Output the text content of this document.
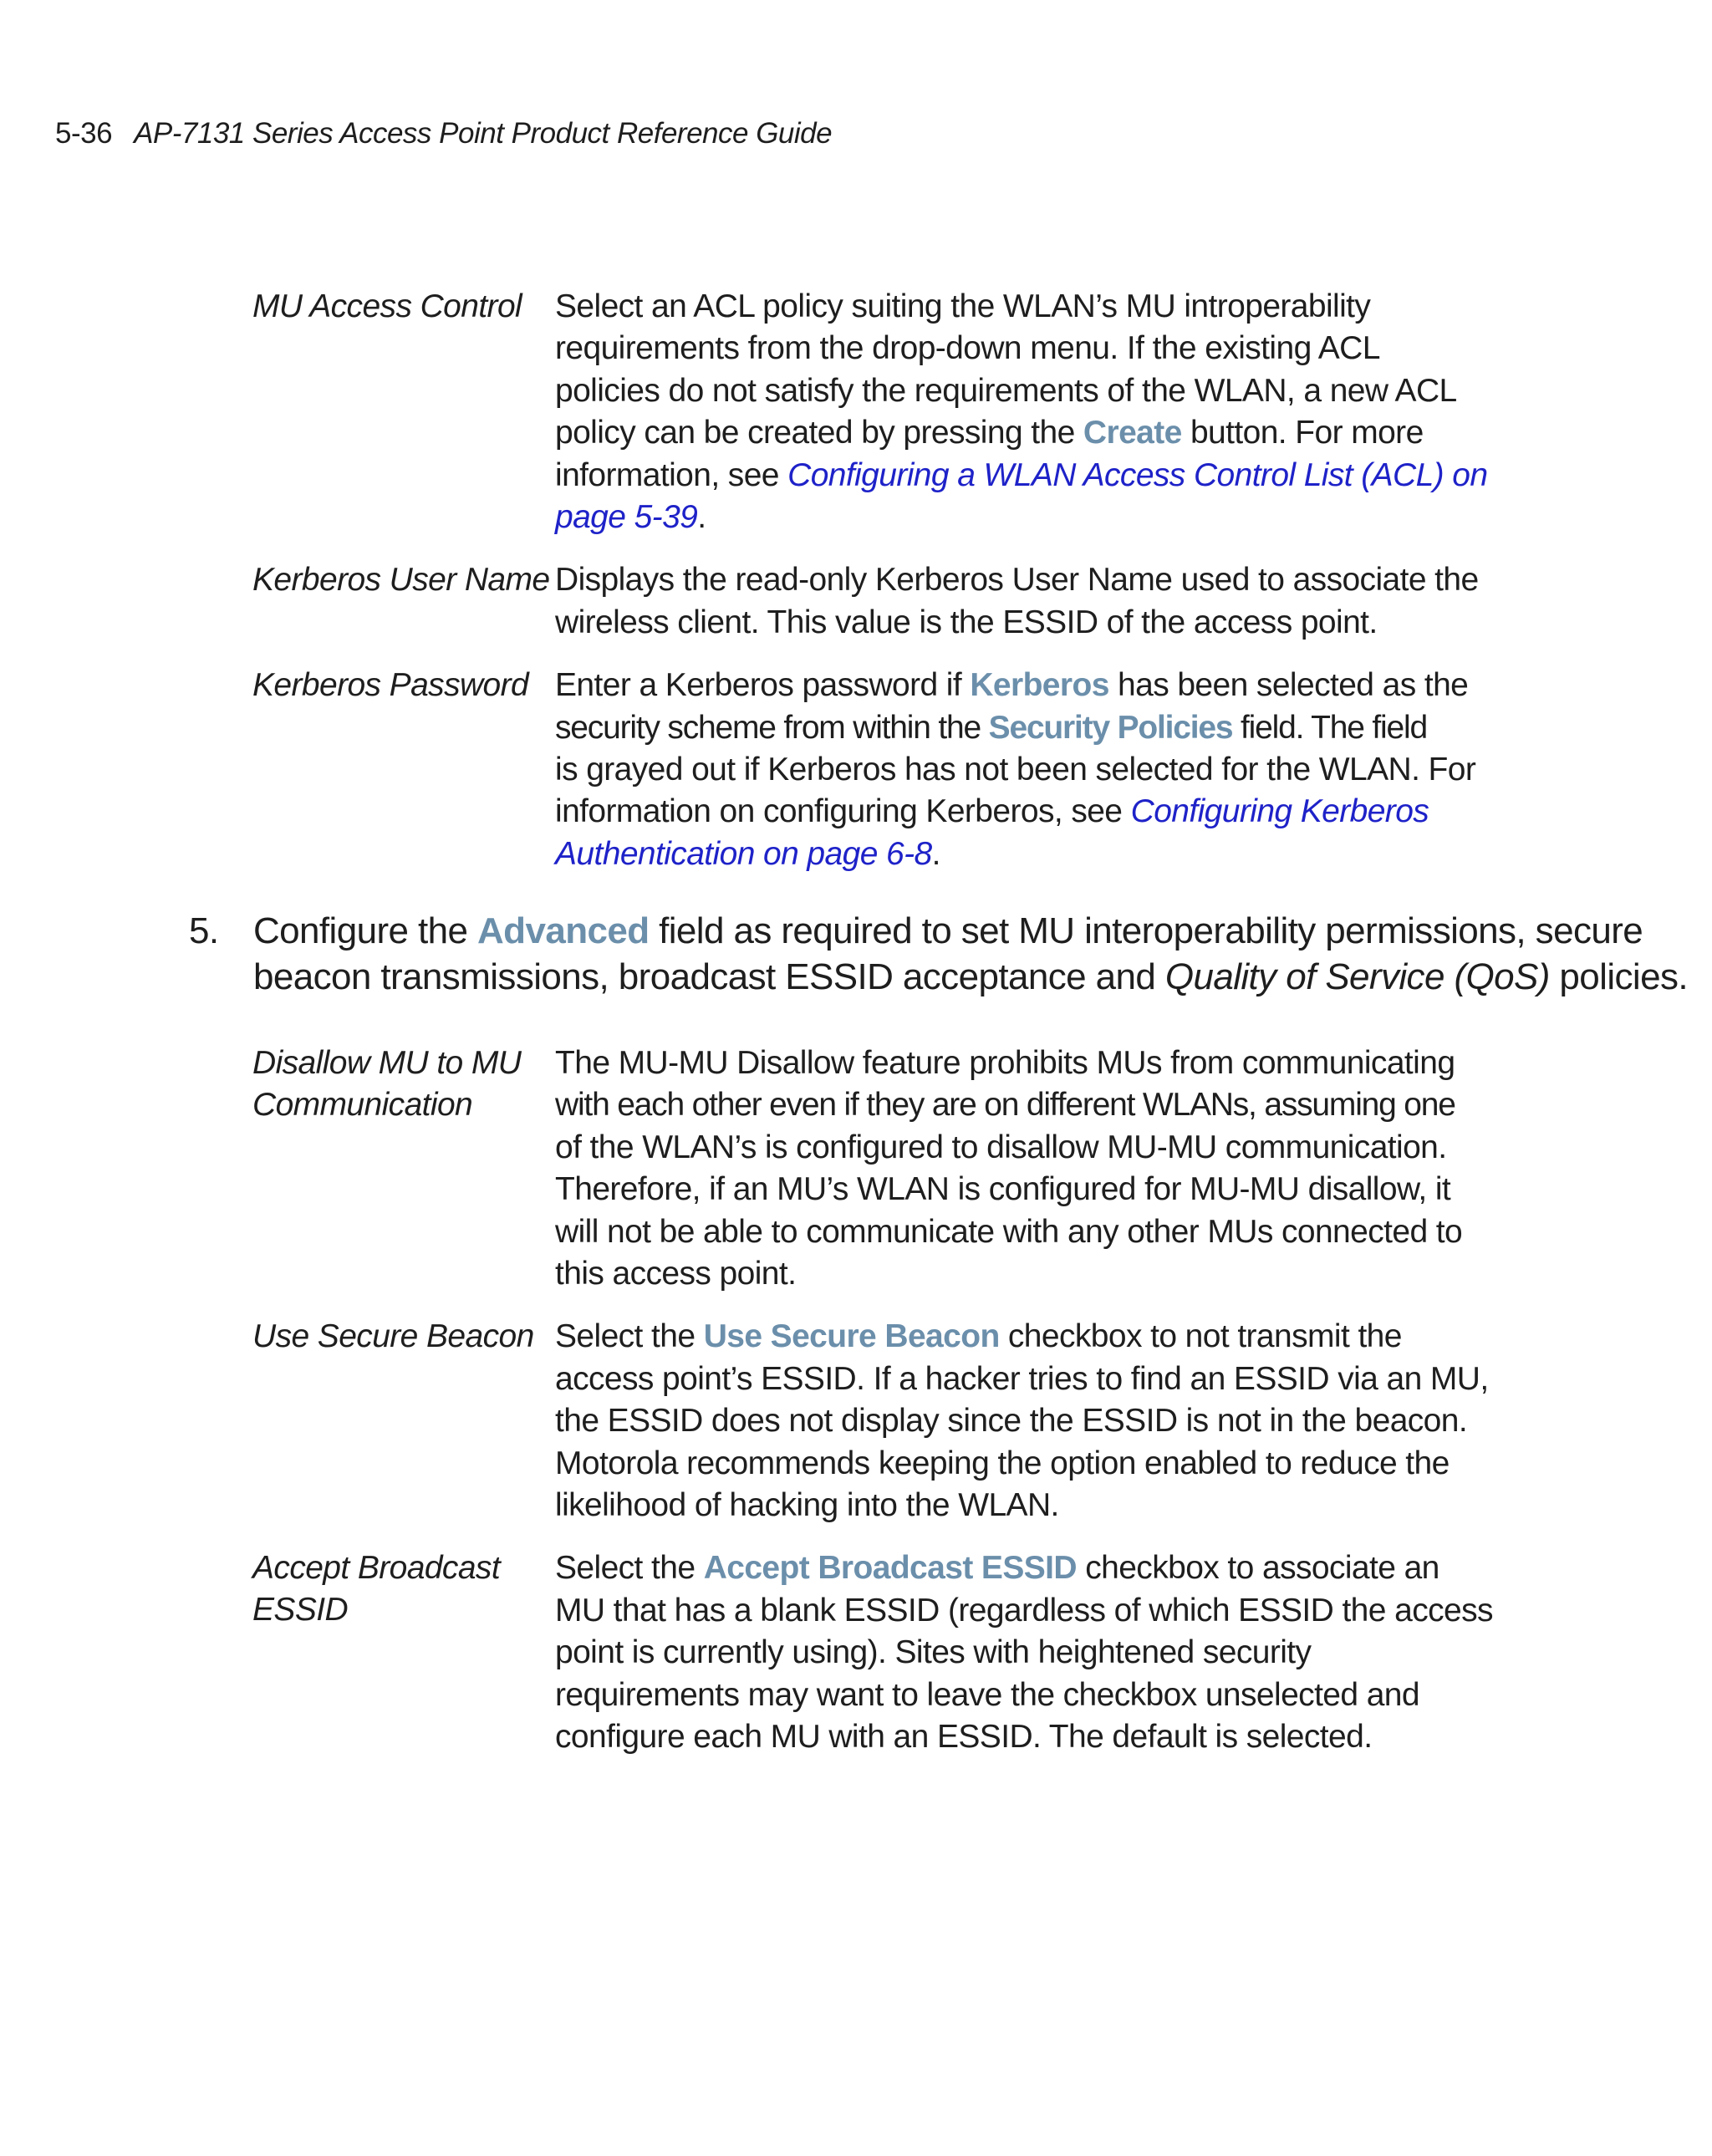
5-36 AP-7131 Series Access Point Product Reference Guide
MU Access Control	Select an ACL policy suiting the WLAN’s MU introperability
requirements from the drop-down menu. If the existing ACL
policies do not satisfy the requirements of the WLAN, a new ACL
policy can be created by pressing the Create button. For more
information, see Configuring a WLAN Access Control List (ACL) on
page 5-39.
Kerberos User Name Displays the read-only Kerberos User Name used to associate the
wireless client. This value is the ESSID of the access point.
Kerberos Password Enter a Kerberos password if Kerberos has been selected as the
security scheme from within the Security Policies field. The field
is grayed out if Kerberos has not been selected for the WLAN. For
information on configuring Kerberos, see Configuring Kerberos
Authentication on page 6-8.
5. Configure the Advanced field as required to set MU interoperability permissions, secure
beacon transmissions, broadcast ESSID acceptance and Quality of Service (QoS) policies.
Disallow MU to MU
Communication
The MU-MU Disallow feature prohibits MUs from communicating
with each other even if they are on different WLANs, assuming one
of the WLAN’s is configured to disallow MU-MU communication.
Therefore, if an MU’s WLAN is configured for MU-MU disallow, it
will not be able to communicate with any other MUs connected to
this access point.
Use Secure Beacon Select the Use Secure Beacon checkbox to not transmit the
access point’s ESSID. If a hacker tries to find an ESSID via an MU,
the ESSID does not display since the ESSID is not in the beacon.
Motorola recommends keeping the option enabled to reduce the
likelihood of hacking into the WLAN.
Accept Broadcast
ESSID
Select the Accept Broadcast ESSID checkbox to associate an
MU that has a blank ESSID (regardless of which ESSID the access
point is currently using). Sites with heightened security
requirements may want to leave the checkbox unselected and
configure each MU with an ESSID. The default is selected.
